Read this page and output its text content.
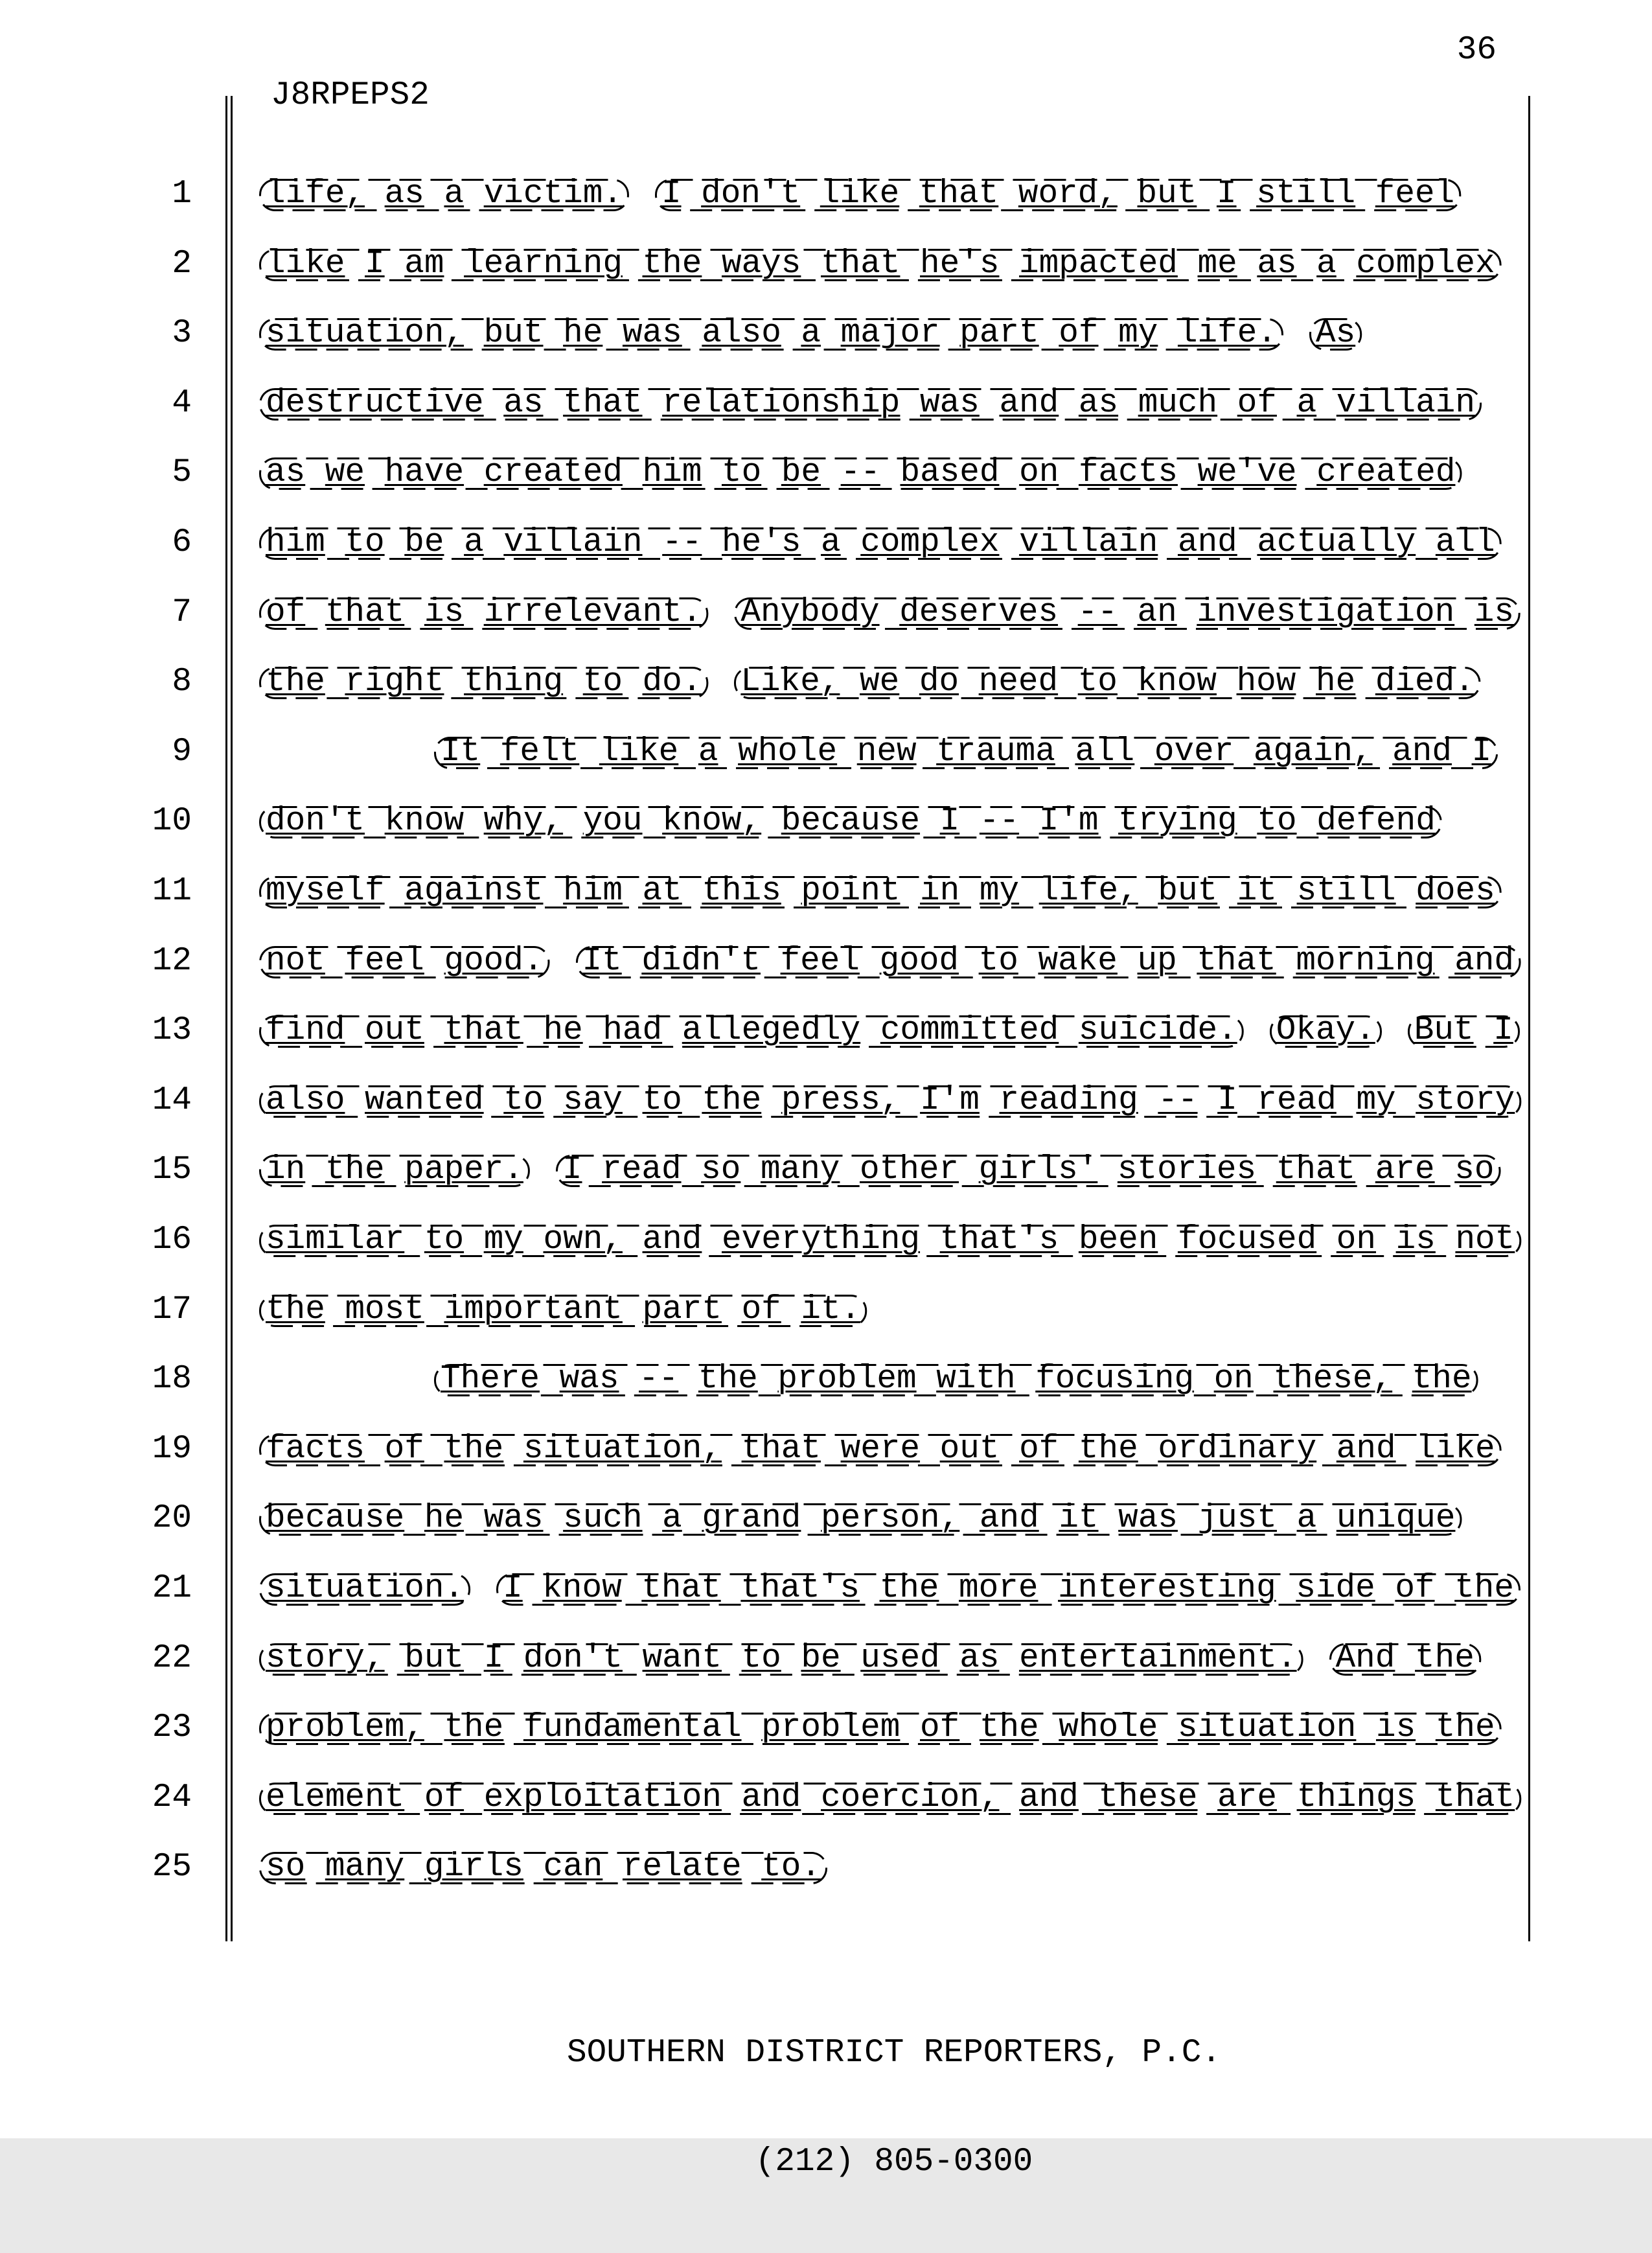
36
J8RPEPS2
1 life, as a victim. I don't like that word, but I still feel
2 like I am learning the ways that he's impacted me as a complex
3 situation, but he was also a major part of my life. As
4 destructive as that relationship was and as much of a villain
5 as we have created him to be -- based on facts we've created
6 him to be a villain -- he's a complex villain and actually all
7 of that is irrelevant. Anybody deserves -- an investigation is
8 the right thing to do. Like, we do need to know how he died.
9	It felt like a whole new trauma all over again, and I
10 don't know why, you know, because I -- I'm trying to defend
11 myself against him at this point in my life, but it still does
12 not feel good. It didn't feel good to wake up that morning and
13 find out that he had allegedly committed suicide. Okay. But I
14 also wanted to say to the press, I'm reading -- I read my story
15 in the paper. I read so many other girls' stories that are so
16 similar to my own, and everything that's been focused on is not
17 the most important part of it.
18	There was -- the problem with focusing on these, the
19 facts of the situation, that were out of the ordinary and like
20 because he was such a grand person, and it was just a unique
21 situation. I know that that's the more interesting side of the
22 story, but I don't want to be used as entertainment. And the
23 problem, the fundamental problem of the whole situation is the
24 element of exploitation and coercion, and these are things that
25 so many girls can relate to.

SOUTHERN DISTRICT REPORTERS, P.C.

(212) 805-0300
